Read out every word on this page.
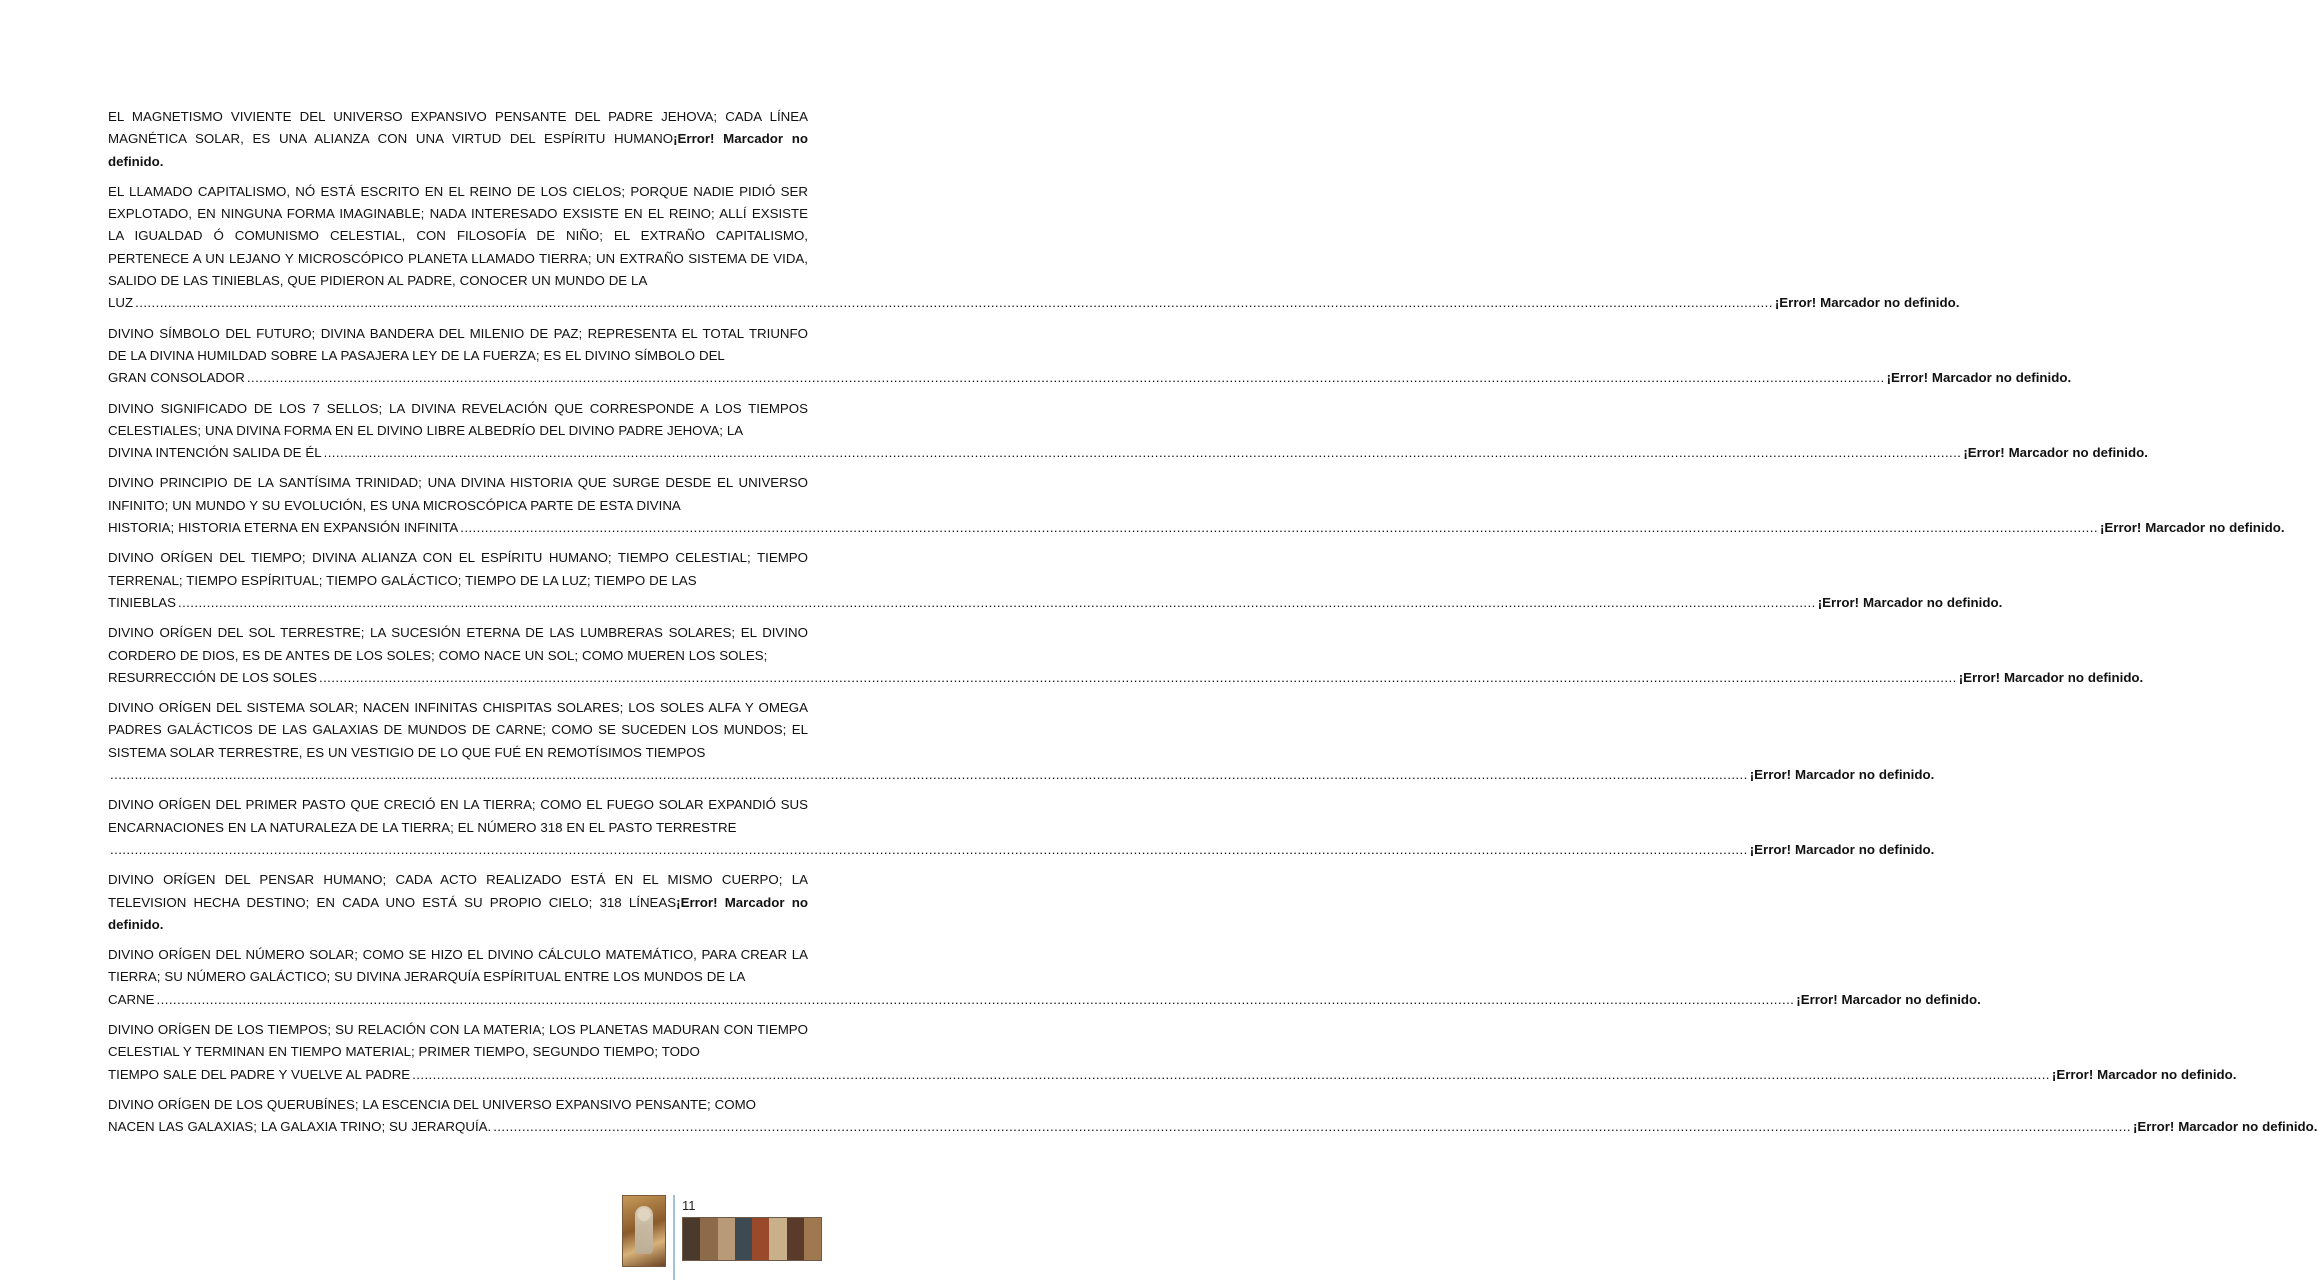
EL MAGNETISMO VIVIENTE DEL UNIVERSO EXPANSIVO PENSANTE DEL PADRE JEHOVA; CADA LÍNEA MAGNÉTICA SOLAR, ES UNA ALIANZA CON UNA VIRTUD DEL ESPÍRITU HUMANO¡Error! Marcador no definido.
EL LLAMADO CAPITALISMO, NÓ ESTÁ ESCRITO EN EL REINO DE LOS CIELOS; PORQUE NADIE PIDIÓ SER EXPLOTADO, EN NINGUNA FORMA IMAGINABLE; NADA INTERESADO EXSISTE EN EL REINO; ALLÍ EXSISTE LA IGUALDAD Ó COMUNISMO CELESTIAL, CON FILOSOFÍA DE NIÑO; EL EXTRAÑO CAPITALISMO, PERTENECE A UN LEJANO Y MICROSCÓPICO PLANETA LLAMADO TIERRA; UN EXTRAÑO SISTEMA DE VIDA, SALIDO DE LAS TINIEBLAS, QUE PIDIERON AL PADRE, CONOCER UN MUNDO DE LA
LUZ ................................................................................................................................................................................................................................................................................................................................................................................................................ ¡Error! Marcador no definido.
DIVINO SÍMBOLO DEL FUTURO; DIVINA BANDERA DEL MILENIO DE PAZ; REPRESENTA EL TOTAL TRIUNFO DE LA DIVINA HUMILDAD SOBRE LA PASAJERA LEY DE LA FUERZA; ES EL DIVINO SÍMBOLO DEL
GRAN CONSOLADOR ................................................................................................................................................................................................................................................................................................................................................................................................................ ¡Error! Marcador no definido.
DIVINO SIGNIFICADO DE LOS 7 SELLOS; LA DIVINA REVELACIÓN QUE CORRESPONDE A LOS TIEMPOS CELESTIALES; UNA DIVINA FORMA EN EL DIVINO LIBRE ALBEDRÍO DEL DIVINO PADRE JEHOVA; LA
DIVINA INTENCIÓN SALIDA DE ÉL ................................................................................................................................................................................................................................................................................................................................................................................................................ ¡Error! Marcador no definido.
DIVINO PRINCIPIO DE LA SANTÍSIMA TRINIDAD; UNA DIVINA HISTORIA QUE SURGE DESDE EL UNIVERSO INFINITO; UN MUNDO Y SU EVOLUCIÓN, ES UNA MICROSCÓPICA PARTE DE ESTA DIVINA
HISTORIA; HISTORIA ETERNA EN EXPANSIÓN INFINITA ................................................................................................................................................................................................................................................................................................................................................................................................................ ¡Error! Marcador no definido.
DIVINO ORÍGEN DEL TIEMPO; DIVINA ALIANZA CON EL ESPÍRITU HUMANO; TIEMPO CELESTIAL; TIEMPO TERRENAL; TIEMPO ESPÍRITUAL; TIEMPO GALÁCTICO; TIEMPO DE LA LUZ; TIEMPO DE LAS
TINIEBLAS ................................................................................................................................................................................................................................................................................................................................................................................................................ ¡Error! Marcador no definido.
DIVINO ORÍGEN DEL SOL TERRESTRE; LA SUCESIÓN ETERNA DE LAS LUMBRERAS SOLARES; EL DIVINO CORDERO DE DIOS, ES DE ANTES DE LOS SOLES; COMO NACE UN SOL; COMO MUEREN LOS SOLES;
RESURRECCIÓN DE LOS SOLES ................................................................................................................................................................................................................................................................................................................................................................................................................ ¡Error! Marcador no definido.
DIVINO ORÍGEN DEL SISTEMA SOLAR; NACEN INFINITAS CHISPITAS SOLARES; LOS SOLES ALFA Y OMEGA PADRES GALÁCTICOS DE LAS GALAXIAS DE MUNDOS DE CARNE; COMO SE SUCEDEN LOS MUNDOS; EL SISTEMA SOLAR TERRESTRE, ES UN VESTIGIO DE LO QUE FUÉ EN REMOTÍSIMOS TIEMPOS
................................................................................................................................................................................................................................................................................................................................................................................................................ ¡Error! Marcador no definido.
DIVINO ORÍGEN DEL PRIMER PASTO QUE CRECIÓ EN LA TIERRA; COMO EL FUEGO SOLAR EXPANDIÓ SUS ENCARNACIONES EN LA NATURALEZA DE LA TIERRA; EL NÚMERO 318 EN EL PASTO TERRESTRE
................................................................................................................................................................................................................................................................................................................................................................................................................ ¡Error! Marcador no definido.
DIVINO ORÍGEN DEL PENSAR HUMANO; CADA ACTO REALIZADO ESTÁ EN EL MISMO CUERPO; LA TELEVISION HECHA DESTINO; EN CADA UNO ESTÁ SU PROPIO CIELO; 318 LÍNEAS¡Error! Marcador no definido.
DIVINO ORÍGEN DEL NÚMERO SOLAR; COMO SE HIZO EL DIVINO CÁLCULO MATEMÁTICO, PARA CREAR LA TIERRA; SU NÚMERO GALÁCTICO; SU DIVINA JERARQUÍA ESPÍRITUAL ENTRE LOS MUNDOS DE LA
CARNE ................................................................................................................................................................................................................................................................................................................................................................................................................ ¡Error! Marcador no definido.
DIVINO ORÍGEN DE LOS TIEMPOS; SU RELACIÓN CON LA MATERIA; LOS PLANETAS MADURAN CON TIEMPO CELESTIAL Y TERMINAN EN TIEMPO MATERIAL; PRIMER TIEMPO, SEGUNDO TIEMPO; TODO
TIEMPO SALE DEL PADRE Y VUELVE AL PADRE ................................................................................................................................................................................................................................................................................................................................................................................................................ ¡Error! Marcador no definido.
DIVINO ORÍGEN DE LOS QUERUBÍNES; LA ESCENCIA DEL UNIVERSO EXPANSIVO PENSANTE; COMO
NACEN LAS GALAXIAS; LA GALAXIA TRINO; SU JERARQUÍA. ................................................................................................................................................................................................................................................................................................................................................................................................................ ¡Error! Marcador no definido.
11
